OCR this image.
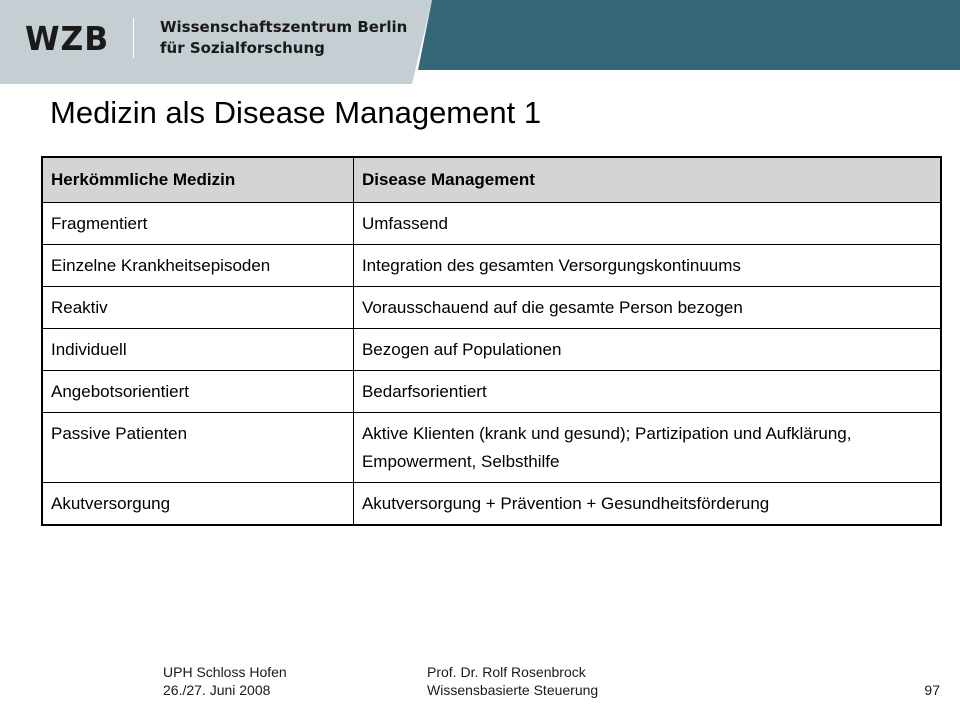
WZB	Wissenschaftszentrum Berlin
für Sozialforschung
Medizin als Disease Management 1
Herkömmliche Medizin	Disease Management
Fragmentiert	Umfassend
Einzelne Krankheitsepisoden	Integration des gesamten Versorgungskontinuums
Reaktiv	Vorausschauend auf die gesamte Person bezogen
Individuell	Bezogen auf Populationen
Angebotsorientiert	Bedarfsorientiert
Passive Patienten	Aktive Klienten (krank und gesund); Partizipation und Aufklärung, Empowerment, Selbsthilfe
Akutversorgung	Akutversorgung + Prävention + Gesundheitsförderung
UPH Schloss Hofen
26./27. Juni 2008
Prof. Dr. Rolf Rosenbrock
Wissensbasierte Steuerung	97
